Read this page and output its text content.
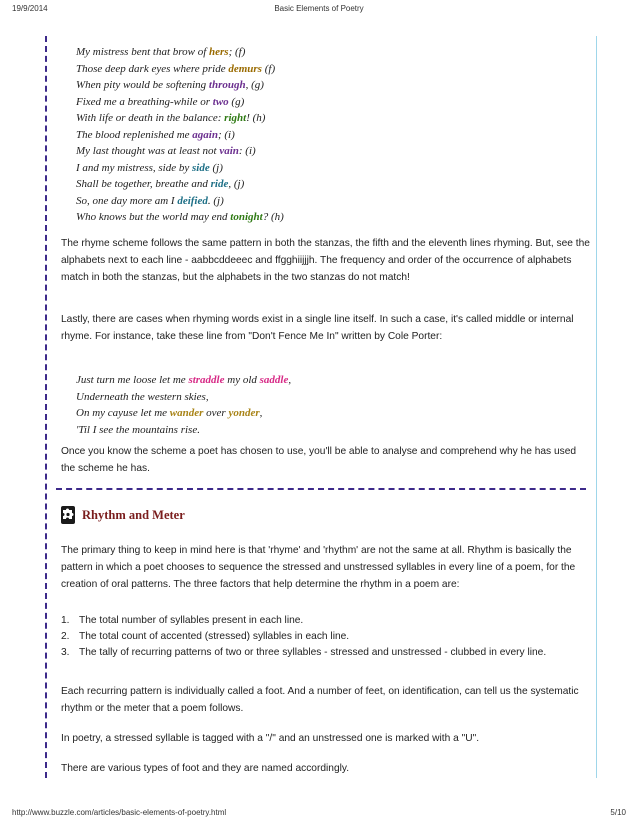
19/9/2014	Basic Elements of Poetry
My mistress bent that brow of hers; (f)
Those deep dark eyes where pride demurs (f)
When pity would be softening through, (g)
Fixed me a breathing-while or two (g)
With life or death in the balance: right! (h)
The blood replenished me again; (i)
My last thought was at least not vain: (i)
I and my mistress, side by side (j)
Shall be together, breathe and ride, (j)
So, one day more am I deified. (j)
Who knows but the world may end tonight? (h)

The rhyme scheme follows the same pattern in both the stanzas, the fifth and the eleventh lines rhyming. But, see the alphabets next to each line - aabbcddeeec and ffgghiijjjh. The frequency and order of the occurrence of alphabets match in both the stanzas, but the alphabets in the two stanzas do not match!

Lastly, there are cases when rhyming words exist in a single line itself. In such a case, it's called middle or internal rhyme. For instance, take these line from "Don't Fence Me In" written by Cole Porter:

Just turn me loose let me straddle my old saddle,
Underneath the western skies,
On my cayuse let me wander over yonder,
'Til I see the mountains rise.

Once you know the scheme a poet has chosen to use, you'll be able to analyse and comprehend why he has used the scheme he has.

Rhythm and Meter

The primary thing to keep in mind here is that 'rhyme' and 'rhythm' are not the same at all. Rhythm is basically the pattern in which a poet chooses to sequence the stressed and unstressed syllables in every line of a poem, for the creation of oral patterns. The three factors that help determine the rhythm in a poem are:

1. The total number of syllables present in each line.
2. The total count of accented (stressed) syllables in each line.
3. The tally of recurring patterns of two or three syllables - stressed and unstressed - clubbed in every line.

Each recurring pattern is individually called a foot. And a number of feet, on identification, can tell us the systematic rhythm or the meter that a poem follows.

In poetry, a stressed syllable is tagged with a "/" and an unstressed one is marked with a "U".

There are various types of foot and they are named accordingly.

http://www.buzzle.com/articles/basic-elements-of-poetry.html	5/10
